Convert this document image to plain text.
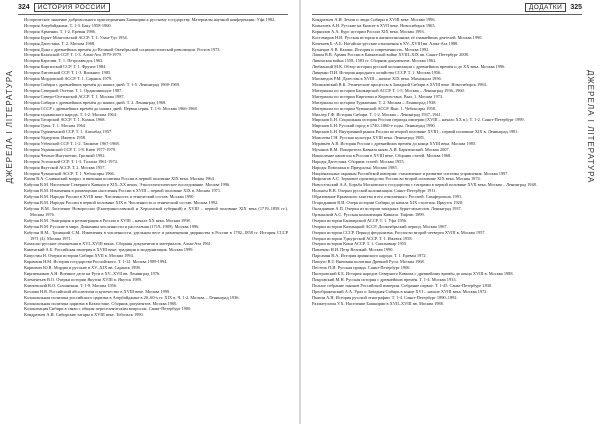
324	ИСТОРИЯ РОССИИ
ДЖЕРЕЛА І ЛІТЕРАТУРА

Историческое значение добровольного присоединения Башкирии к русскому государству. Материалы научной конференции. Уфа 1982.

История Азербайджана. Т. 1-3. Баку 1958-1960.

История Армении. Т. 1-2. Ереван 1986.

История Бурят-Монгольской АССР. Т. 1. Улан-Удэ 1954.

История Дагестана. Т. 2. Москва 1968.

История Дона с древнейших времён до Великой Октябрьской социалистической революции. Ростов 1973.

История Казахской ССР. Т. 1-3. Алма-Ата 1979-1979.

История Карелии. Т. 1. Петрозаводск 1963.

История Киргизской ССР. Т. 1. Фрунзе 1984.

История Литовской ССР. Т. 1-3. Вильнюс 1985.

История Мордовской АССР. Т. 1. Саранск 1979.

История Сибири с древнейших времён до наших дней. Т. 1-5. Ленинград 1968-1969.

История Северной Осетии. Т. 1. Орджоникидзе 1987.

История Северо-Осетинской АССР. Т. 1. Москва 1987.

История Сибири с древнейших времён до наших дней. Т. 2. Ленинград 1968.

История СССР с древнейших времён до наших дней. Первая серия. Т. 1-6. Москва 1966-1968.

История таджикского народа. Т. 1-2. Москва 1964.

История Татарской АССР. Т. 1. Казань 1968.

История Тувы. Т. 1. Москва 1964.

История Туркменской ССР. Т. 1. Ашхабад 1957.

История Удмуртии. Ижевск 1958.

История Узбекской ССР. Т. 1-2. Ташкент 1967-1968.

История Украинской ССР. Т. 1-8. Киев 1977-1979.

История Чечено-Ингушетии. Грозный 1992.

История Эстонской ССР. Т. 1-3. Таллин 1961-1974.

История Якутской АССР. Т. 2. Москва 1957.

История Чувашской АССР. Т. 1. Чебоксары 1966.

Казин В.А. Славянский вопрос и внешняя политика России в первой половине XIX века. Москва 1964.

Кабузан В.М. Население Северного Кавказа в XIX–XX веках. Этностатистическое исследование. Москва 1996.

Кабузан В.М. Изменения в размещении населения России в XVIII – первой половине XIX в. Москва 1971.

Кабузан В.М. Народы России в XVIII веке. Численность и этнический состав. Москва 1990.

Кабузан В.М. Народы России в первой половине XIX в. Численность и этнический состав. Москва 1992.

Кабузан В.М. Заселение Новороссии (Екатеринославской и Херсонской губерний) в XVIII – первой половине XIX века (1719–1858 гг.). Москва 1976.

Кабузан В.М. Эмиграция и реэмиграция в России в XVIII – начале XX века. Москва 1998.

Кабузан В.М. Русские в мире. Динамика численности и расселения (1719–1989). Москва 1996.

Кабузан В.М., Троицкий С.М. Изменения в численности, удельном весе и размещении дворянства в России в 1782–1858 гг. История СССР 1971 (4). Москва 1971.

Казахско-русские отношения в XVI–XVIII веках. Сборник документов и материалов. Алма-Ата 1961.

Каменский А.Б. Российская империя в XVIII веке: традиции и модернизация. Москва 1999.

Капустин Н. Очерки истории Сибири XVII в. Москва 1994.

Карамзин Н.М. История государства Российского. Т. 1-12. Москва 1989-1994.

Карпович Ю.В. Мордва и русские в XV–XIX вв. Саранск 1998.

Кирпичников А.Н. Военное дело на Руси в XV–XVII вв. Ленинград 1976.

Клементьев В.О. Очерки истории Якутии XVIII в. Якутск 1989.

Ключевский В.О. Сочинения. Т. 1-9. Москва 1956.

Козлова Н.В. Российский абсолютизм и купечество в XVIII веке. Москва 1999.

Колониальная политика российского царизма в Азербайджане в 20–60-х гг. XIX в. Ч. 1-2. Москва – Ленинград 1936.

Колониальная политика царизма в Казахстане. Сборник документов. Москва 1960.

Колонизация Сибири в связи с общим переселенческим вопросом. Санкт-Петербург 1900.

Кондратьев А.И. Сибирские татары в XVIII веке. Тобольск 1990.

325
ДОДАТКИ
ДЖЕРЕЛА І ЛІТЕРАТУРА

Кондратьев А.И. Земли и люди Сибири в XVIII веке. Москва 1996.

Копыловъ А.Н. Русские на Енисее в XVII веке. Новосибирск 1965.

Корнилов А.А. Курс истории России XIX века. Москва 1993.

Костомаров Н.И. Русская история в жизнеописаниях её главнейших деятелей. Москва 1990.

Кочекаев Б.-А.Б. Ногайско-русские отношения в XV–XVIII вв. Алма-Ата 1988.

Кузнецов А.В. Казаки. История и современность. Москва 1992.

Лапин В.В. Армия России в Кавказской войне XVIII–XIX вв. Санкт-Петербург 2008.

Ливонская война 1558–1583 гг. Сборник документов. Москва 1962.

Любавский М.К. Обзор истории русской колонизации с древнейших времён и до XX века. Москва 1996.

Лященко П.И. История народного хозяйства СССР. Т. 1. Москва 1956.

Магомедов Р.М. Дагестан в XVIII – начале XIX века. Махачкала 1956.

Малиновский В.К. Этнические процессы в Западной Сибири в XVIII веке. Новосибирск 1984.

Материалы по истории Башкирской АССР. Т. 1-5. Москва – Ленинград 1936–1960.

Материалы по истории Киргизии и Киргизстана. Вып. 1. Москва 1973.

Материалы по истории Туркмении. Т. 2. Москва – Ленинград 1938.

Материалы по истории Чувашской АССР. Вып. 1. Чебоксары 1958.

Миллер Г.Ф. История Сибири. Т. 1-2. Москва – Ленинград 1937–1941.

Миронов Б.Н. Социальная история России периода империи (XVIII – начало XX в.). Т. 1-2. Санкт-Петербург 1999.

Миронов Б.Н. Русский город в 1740–1860-е годы. Ленинград 1990.

Миронов Б.Н. Внутренний рынок России во второй половине XVIII – первой половине XIX в. Ленинград 1981.

Моисеева Г.Н. Русская культура XVIII века. Ленинград 1985.

Муравьёв А.В. История России с древнейших времён до конца XVIII века. Москва 1985.

Муханов В.М. Покоритель Кавказа князь А.И. Барятинский. Москва 2007.

Накопление капитала в России в XVIII веке. Сборник статей. Москва 1968.

Народы Дагестана. Сборник статей. Москва 1955.

Народы Поволжья и Приуралья. Москва 1985.

Национальные окраины Российской империи: становление и развитие системы управления. Москва 1997.

Нифонтов А.С. Зерновое производство России во второй половине XIX века. Москва 1974.

Новосельский А.А. Борьба Московского государства с татарами в первой половине XVII века. Москва – Ленинград 1948.

Нолькен В.В. Очерки русской колонизации. Санкт-Петербург 1911.

Образование Крымского ханства и его отношения с Россией. Симферополь 1991.

Огородников В.И. Очерк истории Сибири до начала XIX столетия. Иркутск 1920.

Окладников А.П. Очерки из истории западных бурят-монголов. Ленинград 1937.

Ортынский А.С. Русская колонизация Кавказа. Тифлис 1899.

Очерки истории Башкирской АССР. Т. 1. Уфа 1956.

Очерки истории Калмыцкой АССР. Дооктябрьский период. Москва 1967.

Очерки истории СССР. Период феодализма. Россия во второй четверти XVIII в. Москва 1957.

Очерки истории Удмуртской АССР. Т. 1. Ижевск 1958.

Очерки истории Коми АССР. Т. 1. Сыктывкар 1955.

Павленко Н.И. Петр Великий. Москва 1990.

Парсамян В.А. История армянского народа. Т. 1. Ереван 1972.

Пашуто В.Т. Внешняя политика Древней Руси. Москва 1968.

Пестель П.И. Русская правда. Санкт-Петербург 1906.

Пиотровский Б.Б. История народов Северного Кавказа с древнейших времён до конца XVIII в. Москва 1988.

Покровский М.Н. Русская история с древнейших времён. Т. 1-4. Москва 1933.

Полное собрание законов Российской империи. Собрание первое. Т. 1-45. Санкт-Петербург 1830.

Преображенский А.А. Урал и Западная Сибирь в конце XVI – начале XVIII века. Москва 1972.

Пыпин А.Н. История русской этнографии. Т. 1-4. Санкт-Петербург 1890–1892.

Рахматуллин У.Х. Население Башкирии в XVII–XVIII вв. Москва 1988.
